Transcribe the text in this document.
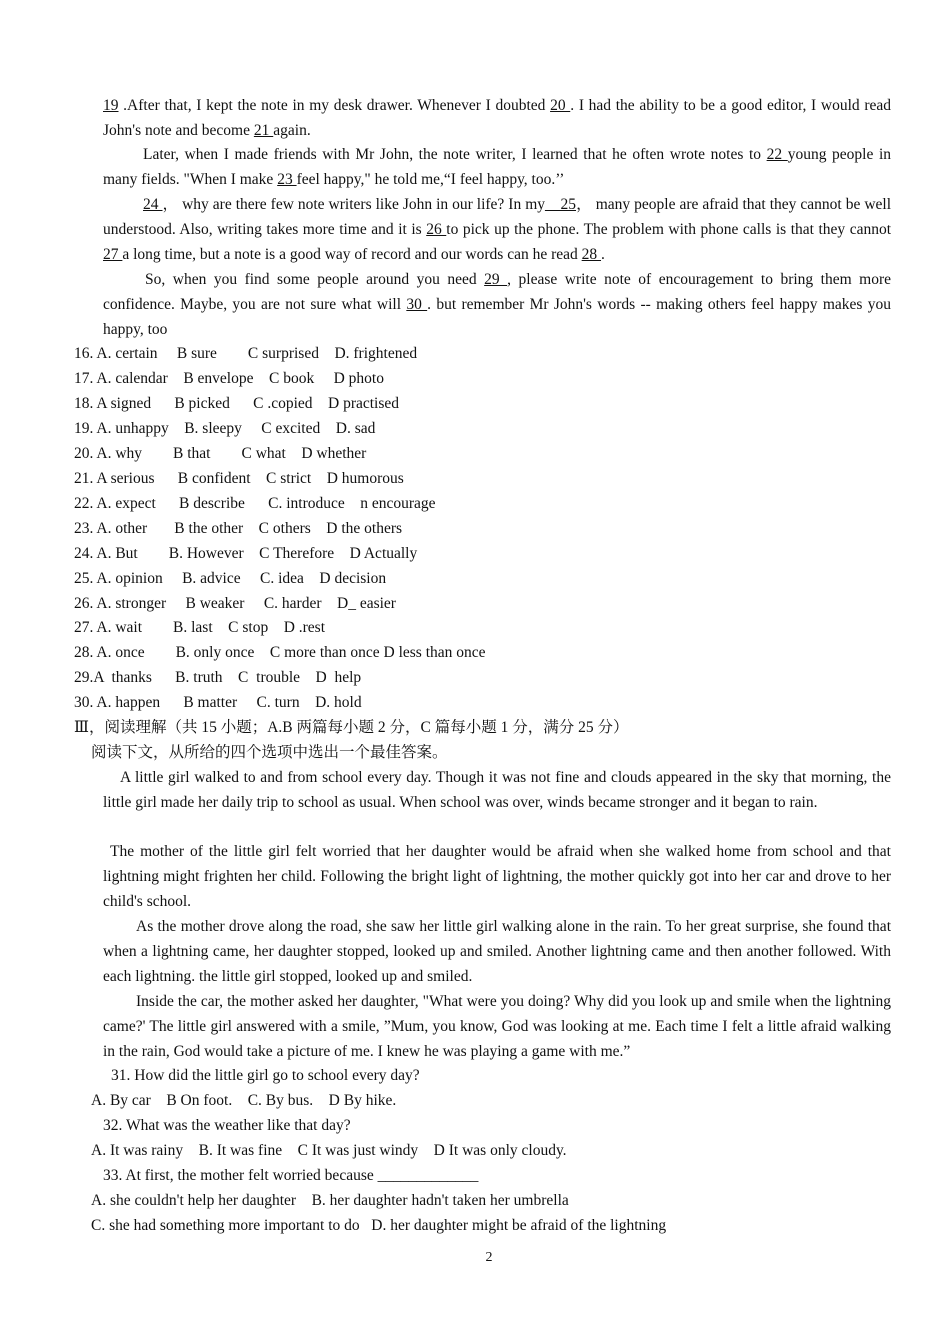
19 .After that, I kept the note in my desk drawer. Whenever I doubted 20 . I had the ability to be a good editor, I would read John's note and become 21 again.
Later, when I made friends with Mr John, the note writer, I learned that he often wrote notes to 22 young people in many fields. "When I make 23 feel happy," he told me,“I feel happy, too.’’
24 ， why are there few note writers like John in our life? In my__25， many people are afraid that they cannot be well understood. Also, writing takes more time and it is 26 to pick up the phone. The problem with phone calls is that they cannot 27 a long time, but a note is a good way of record and our words can he read 28 .
So, when you find some people around you need 29 , please write note of encouragement to bring them more confidence. Maybe, you are not sure what will 30 . but remember Mr John's words -- making others feel happy makes you happy, too
16. A. certain     B sure        C surprised    D. frightened
17. A. calendar    B envelope    C book     D photo
18. A signed      B picked      C .copied    D practised
19. A. unhappy    B. sleepy     C excited    D. sad
20. A. why        B that        C what    D whether
21. A serious      B confident    C strict    D humorous
22. A. expect      B describe      C. introduce    n encourage
23. A. other       B the other    C others    D the others
24. A. But        B. However    C Therefore    D Actually
25. A. opinion     B. advice     C. idea    D decision
26. A. stronger     B weaker     C. harder    D_ easier
27. A. wait        B. last    C stop    D .rest
28. A. once        B. only once    C more than once D less than once
29.A  thanks      B. truth    C  trouble    D  help
30. A. happen      B matter     C. turn    D. hold
Ⅲ，阅读理解（共 15 小题；A.B 两篇每小题 2 分，C 篇每小题 1 分，满分 25 分）
阅读下文，从所给的四个选项中选出一个最佳答案。
A little girl walked to and from school every day. Though it was not fine and clouds appeared in the sky that morning, the little girl made her daily trip to school as usual. When school was over, winds became stronger and it began to rain.
The mother of the little girl felt worried that her daughter would be afraid when she walked home from school and that lightning might frighten her child. Following the bright light of lightning, the mother quickly got into her car and drove to her child's school.
As the mother drove along the road, she saw her little girl walking alone in the rain. To her great surprise, she found that when a lightning came, her daughter stopped, looked up and smiled. Another lightning came and then another followed. With each lightning. the little girl stopped, looked up and smiled.
Inside the car, the mother asked her daughter, "What were you doing? Why did you look up and smile when the lightning came?' The little girl answered with a smile, ”Mum, you know, God was looking at me. Each time I felt a little afraid walking in the rain, God would take a picture of me. I knew he was playing a game with me.”
31. How did the little girl go to school every day?
A. By car    B On foot.    C. By bus.    D By hike.
32. What was the weather like that day?
A. It was rainy    B. It was fine    C It was just windy    D It was only cloudy.
33. At first, the mother felt worried because _____________
A. she couldn't help her daughter    B. her daughter hadn't taken her umbrella
C. she had something more important to do   D. her daughter might be afraid of the lightning
2
